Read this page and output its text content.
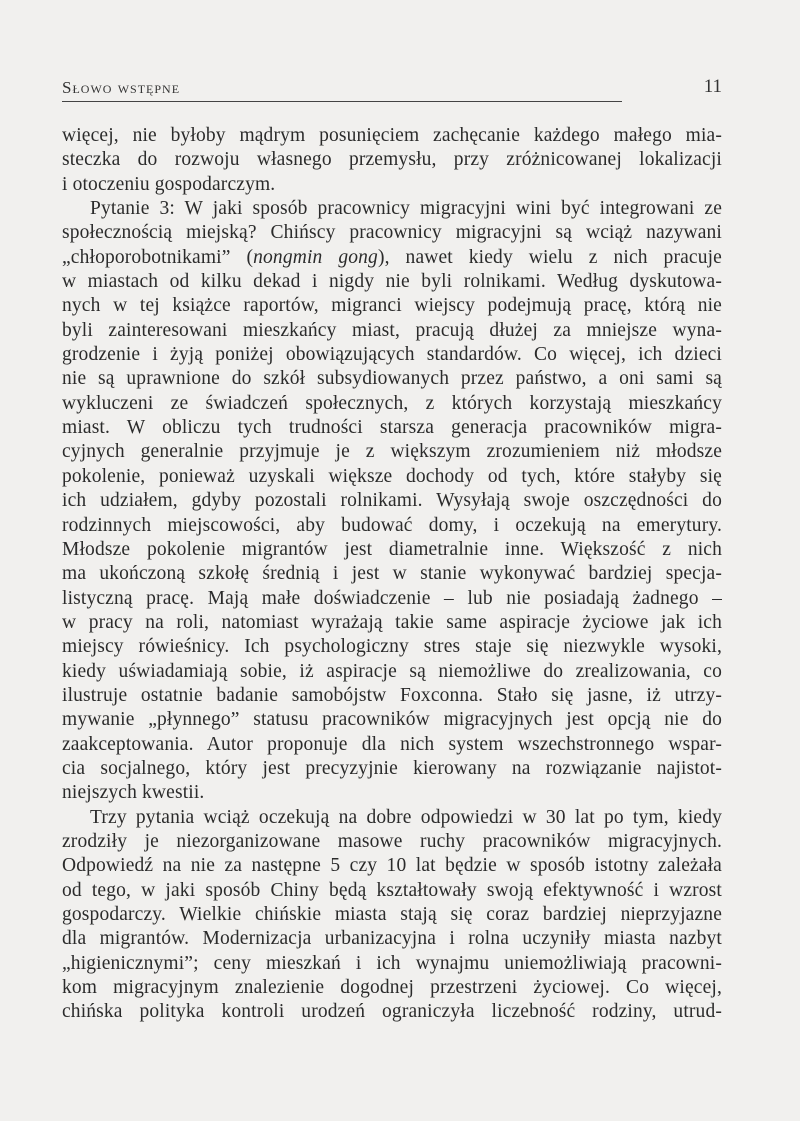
Słowo wstępne	11
więcej, nie byłoby mądrym posunięciem zachęcanie każdego małego mia-
steczka do rozwoju własnego przemysłu, przy zróżnicowanej lokalizacji
i otoczeniu gospodarczym.
Pytanie 3: W jaki sposób pracownicy migracyjni wini być integrowani ze
społecznością miejską? Chińscy pracownicy migracyjni są wciąż nazywani
„chłoporobotnikami” (nongmin gong), nawet kiedy wielu z nich pracuje
w miastach od kilku dekad i nigdy nie byli rolnikami. Według dyskutowa-
nych w tej książce raportów, migranci wiejscy podejmują pracę, którą nie
byli zainteresowani mieszkańcy miast, pracują dłużej za mniejsze wyna-
grodzenie i żyją poniżej obowiązujących standardów. Co więcej, ich dzieci
nie są uprawnione do szkół subsydiowanych przez państwo, a oni sami są
wykluczeni ze świadczeń społecznych, z których korzystają mieszkańcy
miast. W obliczu tych trudności starsza generacja pracowników migra-
cyjnych generalnie przyjmuje je z większym zrozumieniem niż młodsze
pokolenie, ponieważ uzyskali większe dochody od tych, które stałyby się
ich udziałem, gdyby pozostali rolnikami. Wysyłają swoje oszczędności do
rodzinnych miejscowości, aby budować domy, i oczekują na emerytury.
Młodsze pokolenie migrantów jest diametralnie inne. Większość z nich
ma ukończoną szkołę średnią i jest w stanie wykonywać bardziej specja-
listyczną pracę. Mają małe doświadczenie – lub nie posiadają żadnego –
w pracy na roli, natomiast wyrażają takie same aspiracje życiowe jak ich
miejscy rówieśnicy. Ich psychologiczny stres staje się niezwykle wysoki,
kiedy uświadamiają sobie, iż aspiracje są niemożliwe do zrealizowania, co
ilustruje ostatnie badanie samobójstw Foxconna. Stało się jasne, iż utrzy-
mywanie „płynnego” statusu pracowników migracyjnych jest opcją nie do
zaakceptowania. Autor proponuje dla nich system wszechstronnego wspar-
cia socjalnego, który jest precyzyjnie kierowany na rozwiązanie najistot-
niejszych kwestii.
Trzy pytania wciąż oczekują na dobre odpowiedzi w 30 lat po tym, kiedy
zrodziły je niezorganizowane masowe ruchy pracowników migracyjnych.
Odpowiedź na nie za następne 5 czy 10 lat będzie w sposób istotny zależała
od tego, w jaki sposób Chiny będą kształtowały swoją efektywność i wzrost
gospodarczy. Wielkie chińskie miasta stają się coraz bardziej nieprzyjazne
dla migrantów. Modernizacja urbanizacyjna i rolna uczyniły miasta nazbyt
„higienicznymi”; ceny mieszkań i ich wynajmu uniemożliwiają pracowni-
kom migracyjnym znalezienie dogodnej przestrzeni życiowej. Co więcej,
chińska polityka kontroli urodzeń ograniczyła liczebność rodziny, utrud-
